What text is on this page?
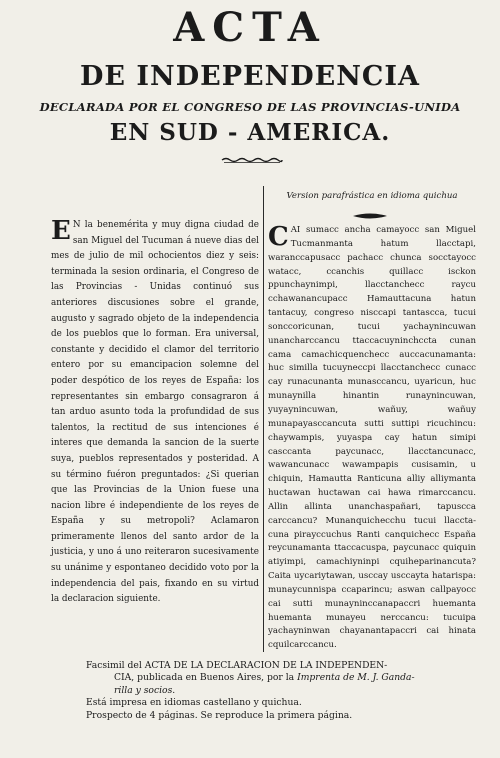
ACTA
DE INDEPENDENCIA
DECLARADA POR EL CONGRESO DE LAS PROVINCIAS-UNIDA
EN SUD - AMERICA.
E N la benemérita y muy digna ciudad de san Miguel del Tucuman á nueve dias del mes de julio de mil ochocientos diez y seis: terminada la sesion ordinaria, el Congreso de las Provincias - Unidas continuó sus anteriores discusiones sobre el grande, augusto y sagrado objeto de la independencia de los pueblos que lo forman. Era universal, constante y decidido el clamor del territorio entero por su emancipacion solemne del poder despótico de los reyes de España: los representantes sin embargo consagraron á tan arduo asunto toda la profundidad de sus talentos, la rectitud de sus intenciones é interes que demanda la sancion de la suerte suya, pueblos representados y posteridad. A su término fuéron preguntados: ¿Si querian que las Provincias de la Union fuese una nacion libre é independiente de los reyes de España y su metropoli? Aclamaron primeramente llenos del santo ardor de la justicia, y uno á uno reiteraron sucesivamente su unánime y espontaneo decidido voto por la independencia del pais, fixando en su virtud la declaracion siguiente.
Version parafrástica en idioma quichua
CAI sumacc ancha camayocc san Miguel Tucmanmanta hatum llacctapi, waranccapusacc pachacc chunca socctayocc watacc, ccanchis quillacc isckon ppunchaynimpi, llacctanchecc raycu cchawanancupacc Hamauttacuna hatun tantacuy, congreso nisccapi tantascca, tucui sonccoricunan, tucui yachaynincuwan unancharccancu ttaccacuyninchccta cunan cama camachicquenchecc auccacunamanta: huc similla tucuyneccpi llacctanchecc cunacc cay runacunanta munasccancu, uyaricun, huc munaynilla hinantin runaynincuwan, yuyaynincuwan, wañuy, wañuy munapayasccancuta sutti suttipi ricuchincu: chaywampis, yuyaspa cay hatun simipi casccanta paycunacc, llacctancunacc, wawancunacc wawampapis cusisamin, u chiquin, Hamautta Ranticuna alliy alliymanta huctawan huctawan cai hawa rimarccancu. Allin allinta unanchaspañari, tapuscca carccancu? Munanquichecchu tucui llacctacuna pirayccuchus Ranti canquichecc España reycunamanta ttaccacuspa, paycunacc quiquin atiyimpi, camachiyninpi cquiheparinancuta? Caita uycariytawan, usccay usccayta hatarispa: munaycunnispa ccaparincu; aswan callpayocc cai sutti munayninccanapaccri huemanta huemanta munayeu nerccancu: tucuipa yachayninwan chayanantapaccri cai hinata cquilcarccancu.
Facsimil del ACTA DE LA DECLARACION DE LA INDEPENDEN-
CIA, publicada en Buenos Aires, por la Imprenta de M. J. Ganda-
rilla y socios.
Está impresa en idiomas castellano y quichua.
Prospecto de 4 páginas. Se reproduce la primera página.
